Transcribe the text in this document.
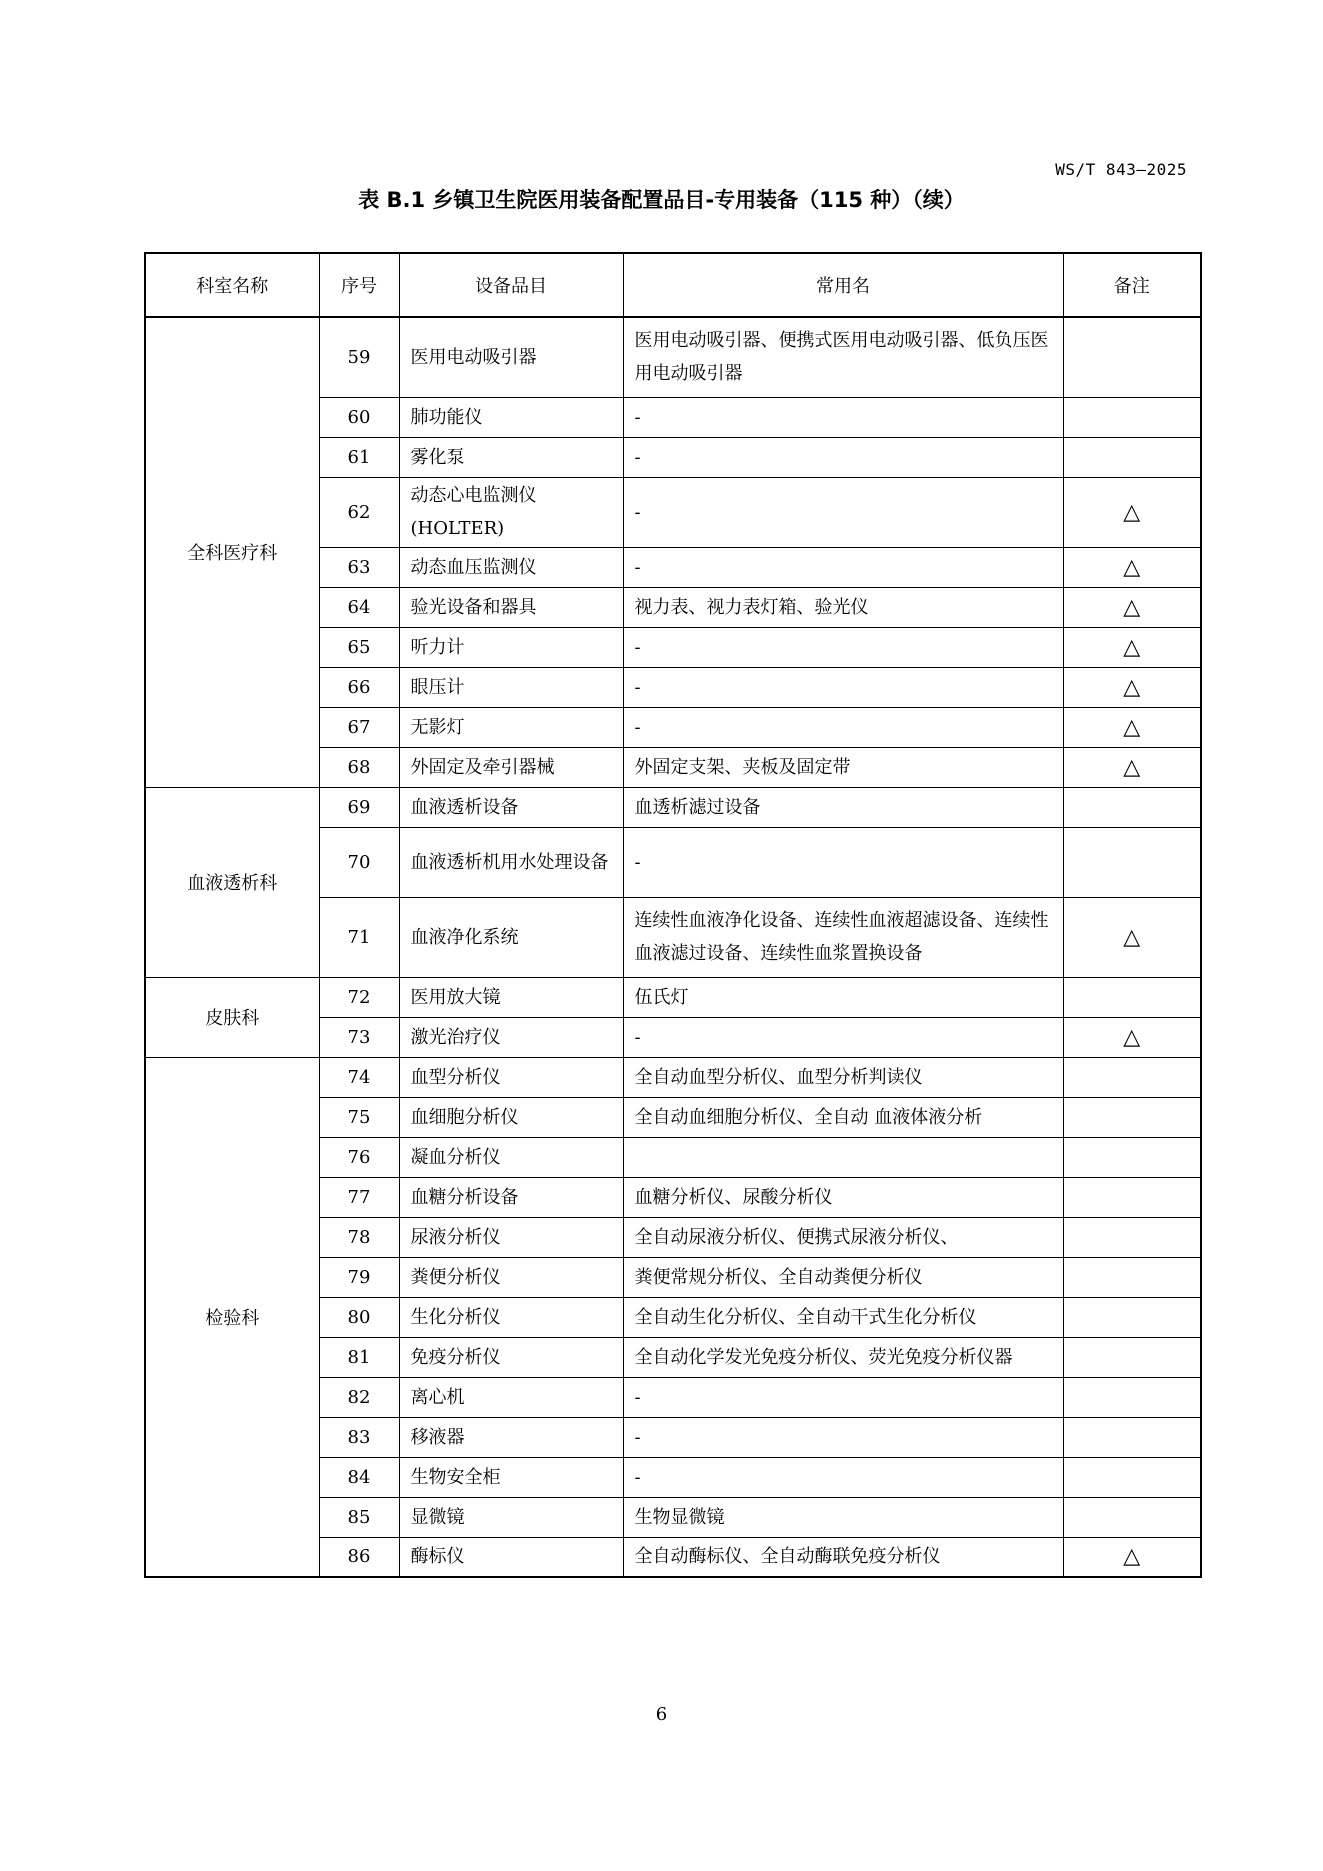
WS/T 843—2025
表 B.1 乡镇卫生院医用装备配置品目-专用装备（115 种）（续）
科室名称	序号	设备品目	常用名	备注
全科医疗科	59	医用电动吸引器	医用电动吸引器、便携式医用电动吸引器、低负压医用电动吸引器	
	60	肺功能仪	-	
	61	雾化泵	-	
	62	动态心电监测仪(HOLTER)	-	△
	63	动态血压监测仪	-	△
	64	验光设备和器具	视力表、视力表灯箱、验光仪	△
	65	听力计	-	△
	66	眼压计	-	△
	67	无影灯	-	△
	68	外固定及牵引器械	外固定支架、夹板及固定带	△
血液透析科	69	血液透析设备	血透析滤过设备	
	70	血液透析机用水处理设备	-	
	71	血液净化系统	连续性血液净化设备、连续性血液超滤设备、连续性血液滤过设备、连续性血浆置换设备	△
皮肤科	72	医用放大镜	伍氏灯	
	73	激光治疗仪	-	△
检验科	74	血型分析仪	全自动血型分析仪、血型分析判读仪	
	75	血细胞分析仪	全自动血细胞分析仪、全自动 血液体液分析	
	76	凝血分析仪		
	77	血糖分析设备	血糖分析仪、尿酸分析仪	
	78	尿液分析仪	全自动尿液分析仪、便携式尿液分析仪、	
	79	粪便分析仪	粪便常规分析仪、全自动粪便分析仪	
	80	生化分析仪	全自动生化分析仪、全自动干式生化分析仪	
	81	免疫分析仪	全自动化学发光免疫分析仪、荧光免疫分析仪器	
	82	离心机	-	
	83	移液器	-	
	84	生物安全柜	-	
	85	显微镜	生物显微镜	
	86	酶标仪	全自动酶标仪、全自动酶联免疫分析仪	△
6
